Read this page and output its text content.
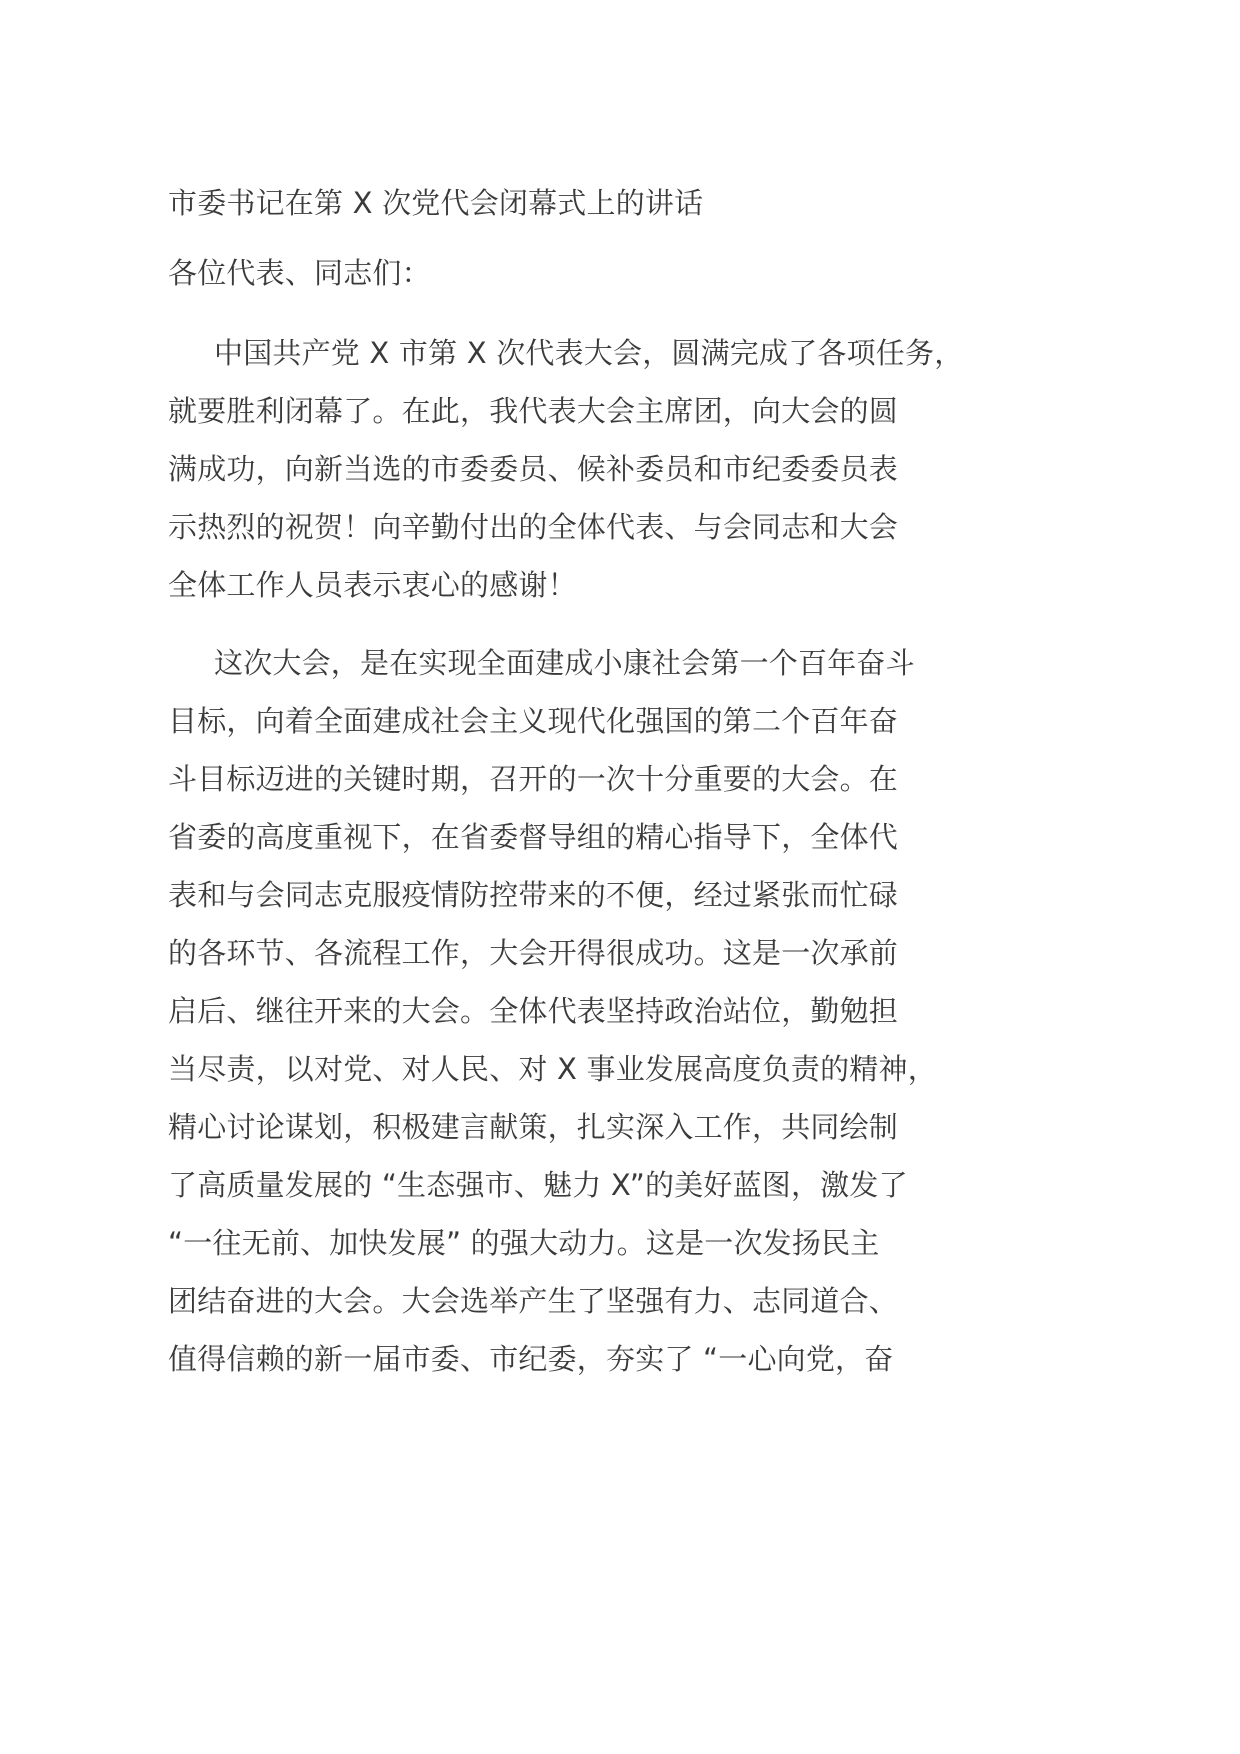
市委书记在第 X 次党代会闭幕式上的讲话
各位代表、同志们：
中国共产党 X 市第 X 次代表大会，圆满完成了各项任务，
就要胜利闭幕了。在此，我代表大会主席团，向大会的圆
满成功，向新当选的市委委员、候补委员和市纪委委员表
示热烈的祝贺！向辛勤付出的全体代表、与会同志和大会
全体工作人员表示衷心的感谢！
这次大会，是在实现全面建成小康社会第一个百年奋斗
目标，向着全面建成社会主义现代化强国的第二个百年奋
斗目标迈进的关键时期，召开的一次十分重要的大会。在
省委的高度重视下，在省委督导组的精心指导下，全体代
表和与会同志克服疫情防控带来的不便，经过紧张而忙碌
的各环节、各流程工作，大会开得很成功。这是一次承前
启后、继往开来的大会。全体代表坚持政治站位，勤勉担
当尽责，以对党、对人民、对 X 事业发展高度负责的精神，
精心讨论谋划，积极建言献策，扎实深入工作，共同绘制
了高质量发展的 “生态强市、魅力 X”的美好蓝图，激发了
“一往无前、加快发展” 的强大动力。这是一次发扬民主
团结奋进的大会。大会选举产生了坚强有力、志同道合、
值得信赖的新一届市委、市纪委，夯实了 “一心向党，奋
